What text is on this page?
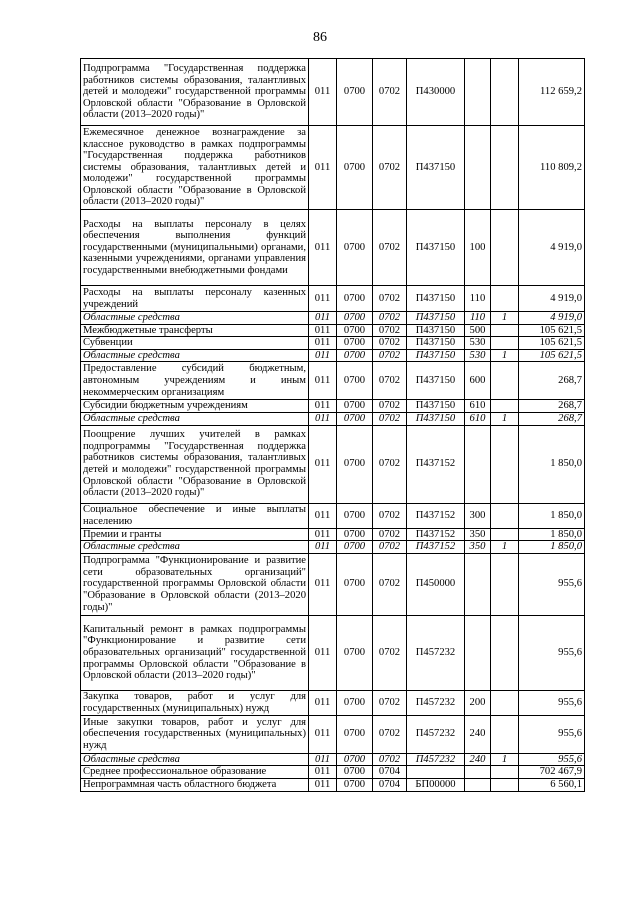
86
Подпрограмма "Государственная поддержка работников системы образования, талантливых детей и молодежи" государственной программы Орловской области "Образование в Орловской области (2013–2020 годы)"	011	0700	0702	П430000			112 659,2
Ежемесячное денежное вознаграждение за классное руководство в рамках подпрограммы "Государственная поддержка работников системы образования, талантливых детей и молодежи" государственной программы Орловской области "Образование в Орловской области (2013–2020 годы)"	011	0700	0702	П437150			110 809,2
Расходы на выплаты персоналу в целях обеспечения выполнения функций государственными (муниципальными) органами, казенными учреждениями, органами управления государственными внебюджетными фондами	011	0700	0702	П437150	100		4 919,0
Расходы на выплаты персоналу казенных учреждений	011	0700	0702	П437150	110		4 919,0
Областные средства	011	0700	0702	П437150	110	1	4 919,0
Межбюджетные трансферты	011	0700	0702	П437150	500		105 621,5
Субвенции	011	0700	0702	П437150	530		105 621,5
Областные средства	011	0700	0702	П437150	530	1	105 621,5
Предоставление субсидий бюджетным, автономным учреждениям и иным некоммерческим организациям	011	0700	0702	П437150	600		268,7
Субсидии бюджетным учреждениям	011	0700	0702	П437150	610		268,7
Областные средства	011	0700	0702	П437150	610	1	268,7
Поощрение лучших учителей в рамках подпрограммы "Государственная поддержка работников системы образования, талантливых детей и молодежи" государственной программы Орловской области "Образование в Орловской области (2013–2020 годы)"	011	0700	0702	П437152			1 850,0
Социальное обеспечение и иные выплаты населению	011	0700	0702	П437152	300		1 850,0
Премии и гранты	011	0700	0702	П437152	350		1 850,0
Областные средства	011	0700	0702	П437152	350	1	1 850,0
Подпрограмма "Функционирование и развитие сети образовательных организаций" государственной программы Орловской области "Образование в Орловской области (2013–2020 годы)"	011	0700	0702	П450000			955,6
Капитальный ремонт в рамках подпрограммы "Функционирование и развитие сети образовательных организаций" государственной программы Орловской области "Образование в Орловской области (2013–2020 годы)"	011	0700	0702	П457232			955,6
Закупка товаров, работ и услуг для государственных (муниципальных) нужд	011	0700	0702	П457232	200		955,6
Иные закупки товаров, работ и услуг для обеспечения государственных (муниципальных) нужд	011	0700	0702	П457232	240		955,6
Областные средства	011	0700	0702	П457232	240	1	955,6
Среднее профессиональное образование	011	0700	0704				702 467,9
Непрограммная часть областного бюджета	011	0700	0704	БП00000			6 560,1
